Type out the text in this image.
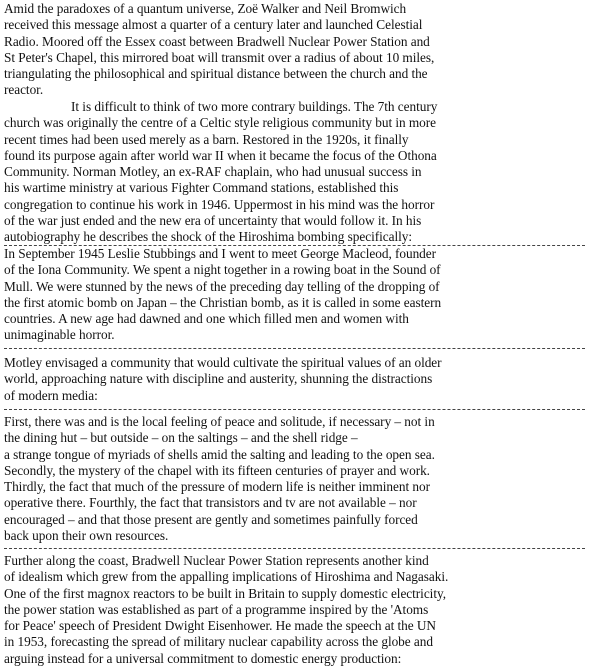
Amid the paradoxes of a quantum universe, Zoë Walker and Neil Bromwich
received this message almost a quarter of a century later and launched Celestial
Radio. Moored off the Essex coast between Bradwell Nuclear Power Station and
St Peter's Chapel, this mirrored boat will transmit over a radius of about 10 miles,
triangulating the philosophical and spiritual distance between the church and the
reactor.
It is difficult to think of two more contrary buildings. The 7th century
church was originally the centre of a Celtic style religious community but in more
recent times had been used merely as a barn. Restored in the 1920s, it finally
found its purpose again after world war II when it became the focus of the Othona
Community. Norman Motley, an ex-RAF chaplain, who had unusual success in
his wartime ministry at various Fighter Command stations, established this
congregation to continue his work in 1946. Uppermost in his mind was the horror
of the war just ended and the new era of uncertainty that would follow it. In his
autobiography he describes the shock of the Hiroshima bombing specifically:
In September 1945 Leslie Stubbings and I went to meet George Macleod, founder
of the Iona Community. We spent a night together in a rowing boat in the Sound of
Mull. We were stunned by the news of the preceding day telling of the dropping of
the first atomic bomb on Japan – the Christian bomb, as it is called in some eastern
countries. A new age had dawned and one which filled men and women with
unimaginable horror.
Motley envisaged a community that would cultivate the spiritual values of an older
world, approaching nature with discipline and austerity, shunning the distractions
of modern media:
First, there was and is the local feeling of peace and solitude, if necessary – not in
the dining hut – but outside – on the saltings – and the shell ridge –
a strange tongue of myriads of shells amid the salting and leading to the open sea.
Secondly, the mystery of the chapel with its fifteen centuries of prayer and work.
Thirdly, the fact that much of the pressure of modern life is neither imminent nor
operative there. Fourthly, the fact that transistors and tv are not available – nor
encouraged – and that those present are gently and sometimes painfully forced
back upon their own resources.
Further along the coast, Bradwell Nuclear Power Station represents another kind
of idealism which grew from the appalling implications of Hiroshima and Nagasaki.
One of the first magnox reactors to be built in Britain to supply domestic electricity,
the power station was established as part of a programme inspired by the 'Atoms
for Peace' speech of President Dwight Eisenhower. He made the speech at the UN
in 1953, forecasting the spread of military nuclear capability across the globe and
arguing instead for a universal commitment to domestic energy production:
